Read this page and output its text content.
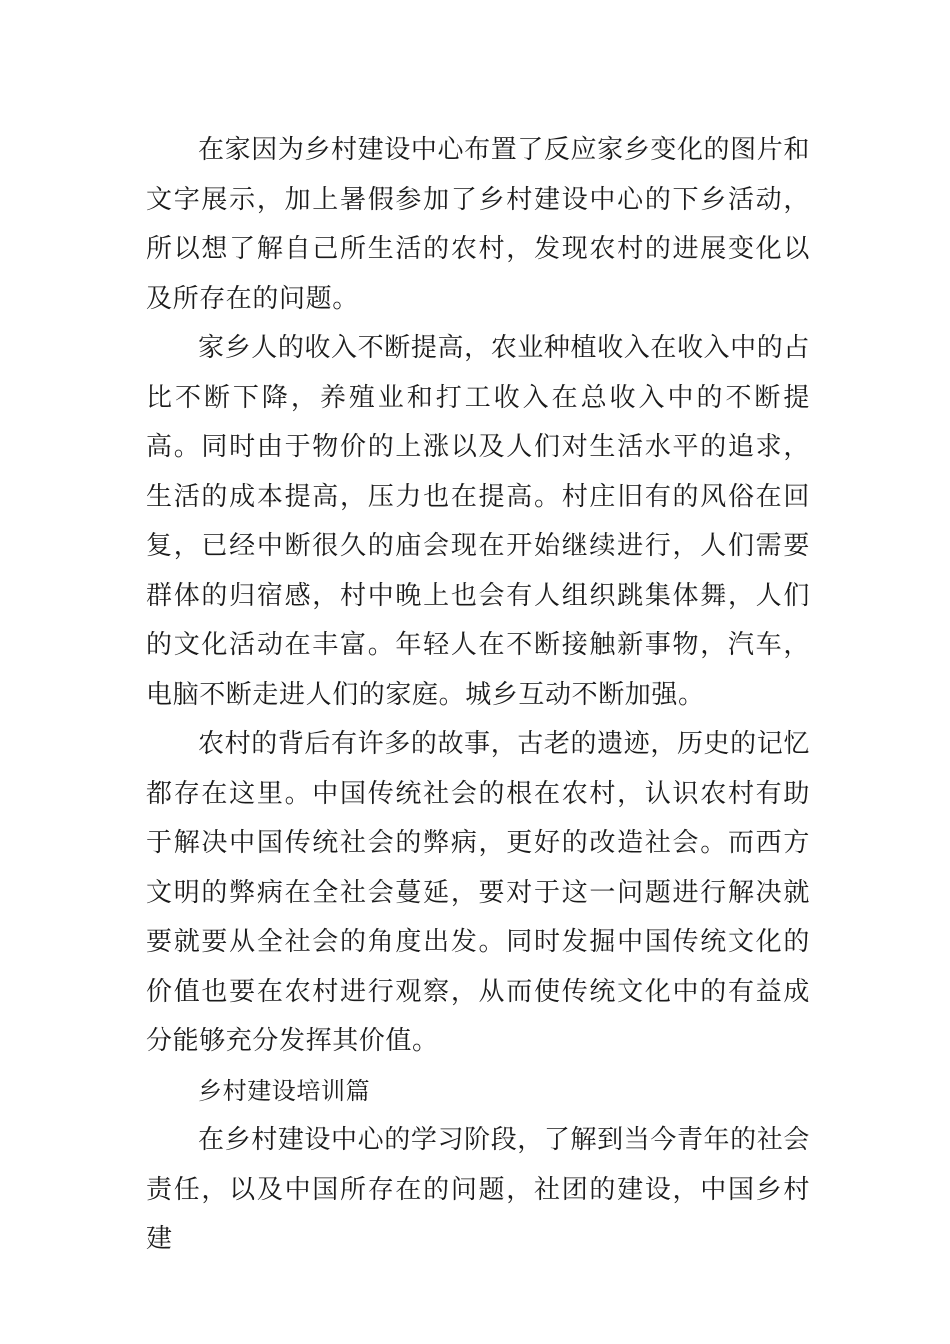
在家因为乡村建设中心布置了反应家乡变化的图片和文字展示，加上暑假参加了乡村建设中心的下乡活动，所以想了解自己所生活的农村，发现农村的进展变化以及所存在的问题。

家乡人的收入不断提高，农业种植收入在收入中的占比不断下降，养殖业和打工收入在总收入中的不断提高。同时由于物价的上涨以及人们对生活水平的追求，生活的成本提高，压力也在提高。村庄旧有的风俗在回复，已经中断很久的庙会现在开始继续进行，人们需要群体的归宿感，村中晚上也会有人组织跳集体舞，人们的文化活动在丰富。年轻人在不断接触新事物，汽车，电脑不断走进人们的家庭。城乡互动不断加强。

农村的背后有许多的故事，古老的遗迹，历史的记忆都存在这里。中国传统社会的根在农村，认识农村有助于解决中国传统社会的弊病，更好的改造社会。而西方文明的弊病在全社会蔓延，要对于这一问题进行解决就要就要从全社会的角度出发。同时发掘中国传统文化的价值也要在农村进行观察，从而使传统文化中的有益成分能够充分发挥其价值。

乡村建设培训篇

在乡村建设中心的学习阶段，了解到当今青年的社会责任，以及中国所存在的问题，社团的建设，中国乡村建
